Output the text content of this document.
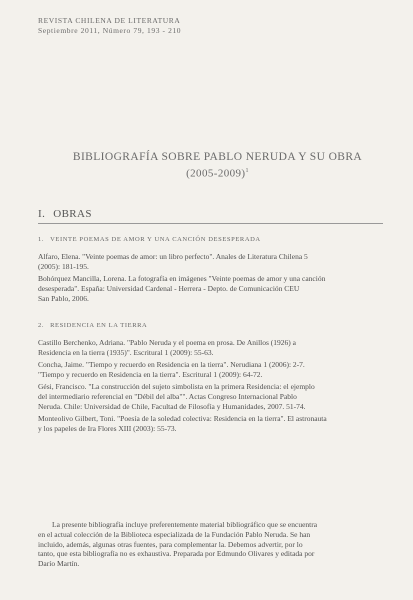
REVISTA CHILENA DE LITERATURA
Septiembre 2011, Número 79, 193 - 210
BIBLIOGRAFÍA SOBRE PABLO NERUDA Y SU OBRA
(2005-2009)$^1$
I. OBRAS
1. VEINTE POEMAS DE AMOR Y UNA CANCIÓN DESESPERADA

Alfaro, Elena. "Veinte poemas de amor: un libro perfecto". Anales de Literatura Chilena 5

(2005): 181-195.

Bohórquez Mancilla, Lorena. La fotografía en imágenes "Veinte poemas de amor y una canción

desesperada". España: Universidad Cardenal - Herrera - Depto. de Comunicación CEU

San Pablo, 2006.

2. RESIDENCIA EN LA TIERRA

Castillo Berchenko, Adriana. "Pablo Neruda y el poema en prosa. De Anillos (1926) a

Residencia en la tierra (1935)". Escritural 1 (2009): 55-63.

Concha, Jaime. "Tiempo y recuerdo en Residencia en la tierra". Nerudiana 1 (2006): 2-7.

"Tiempo y recuerdo en Residencia en la tierra". Escritural 1 (2009): 64-72.

Gési, Francisco. "La construcción del sujeto simbolista en la primera Residencia: el ejemplo

del intermediario referencial en "Débil del alba"". Actas Congreso Internacional Pablo

Neruda. Chile: Universidad de Chile, Facultad de Filosofía y Humanidades, 2007. 51-74.

Monteolivo Gilbert, Toni. "Poesía de la soledad colectiva: Residencia en la tierra". El astronauta

y los papeles de Ira Flores XIII (2003): 55-73.

La presente bibliografía incluye preferentemente material bibliográfico que se encuentra

en el actual colección de la Biblioteca especializada de la Fundación Pablo Neruda. Se han

incluido, además, algunas otras fuentes, para complementar la. Debemos advertir, por lo

tanto, que esta bibliografía no es exhaustiva. Preparada por Edmundo Olivares y editada por

Darío Martín.
